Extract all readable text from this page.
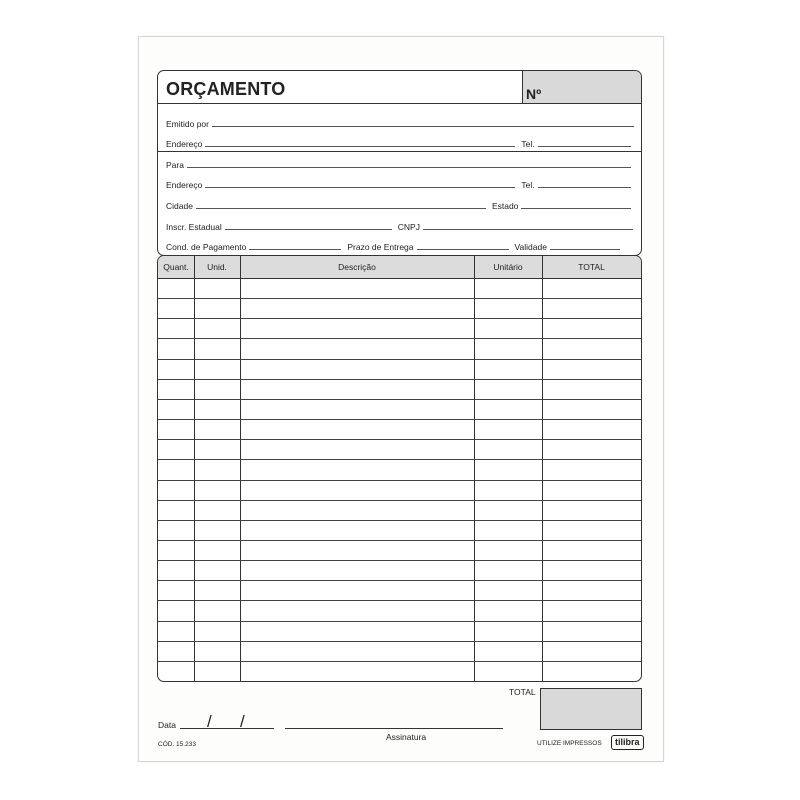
ORÇAMENTO	Nº
Emitido por
Endereço	Tel.
Para
Endereço	Tel.
Cidade	Estado
Inscr. Estadual	CNPJ
Cond. de Pagamento	Prazo de Entrega	Validade
Quant.	Unid.	Descrição	Unitário	TOTAL
TOTAL
Data / /
Assinatura
CÓD. 15.233	UTILIZE IMPRESSOS	tilibra
